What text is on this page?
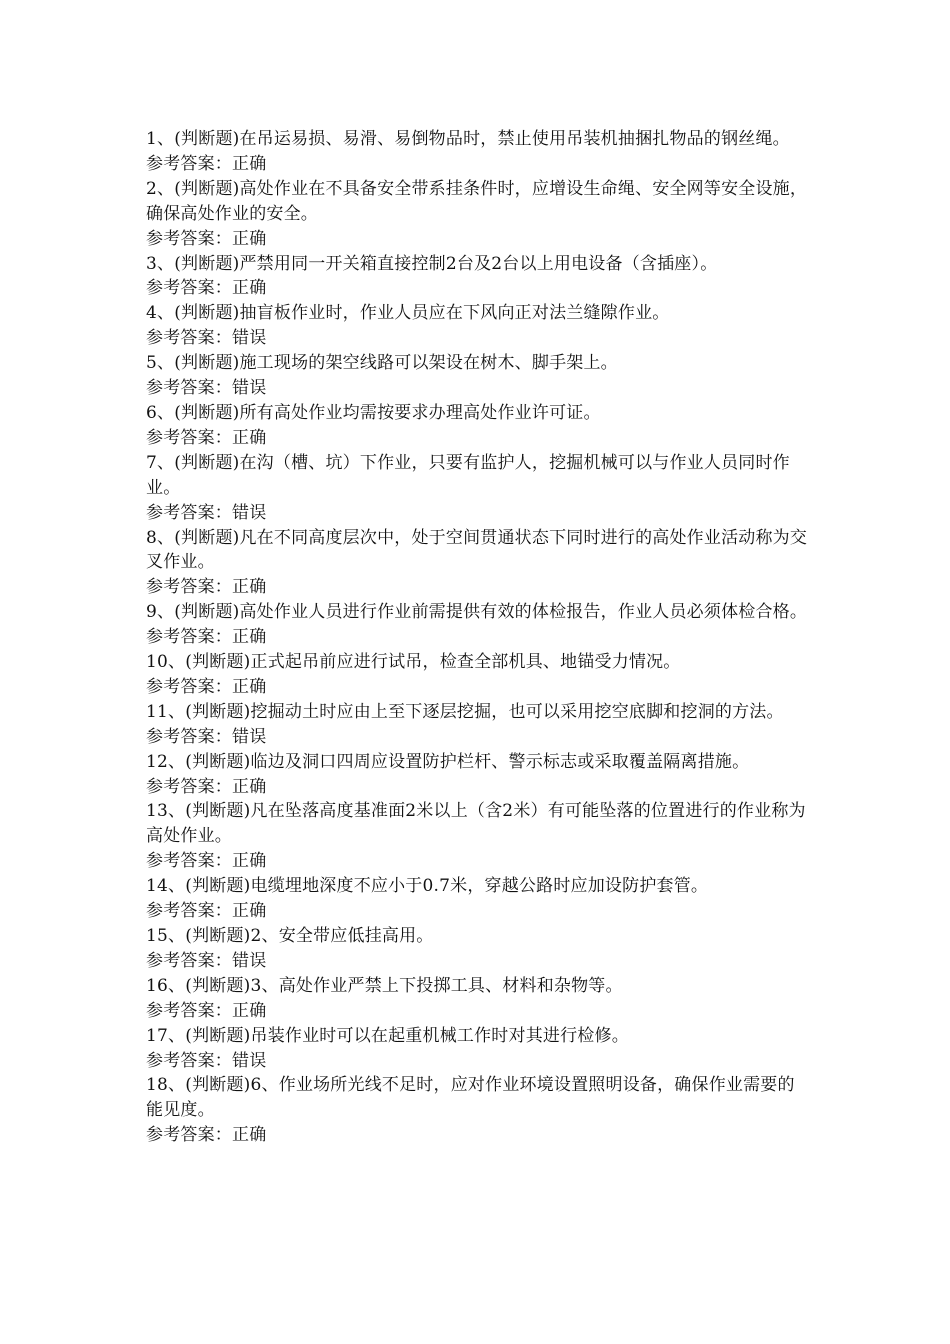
1、(判断题)在吊运易损、易滑、易倒物品时，禁止使用吊装机抽捆扎物品的钢丝绳。

参考答案：正确

2、(判断题)高处作业在不具备安全带系挂条件时，应增设生命绳、安全网等安全设施，确保高处作业的安全。

参考答案：正确

3、(判断题)严禁用同一开关箱直接控制2台及2台以上用电设备（含插座）。

参考答案：正确

4、(判断题)抽盲板作业时，作业人员应在下风向正对法兰缝隙作业。

参考答案：错误

5、(判断题)施工现场的架空线路可以架设在树木、脚手架上。

参考答案：错误

6、(判断题)所有高处作业均需按要求办理高处作业许可证。

参考答案：正确

7、(判断题)在沟（槽、坑）下作业，只要有监护人，挖掘机械可以与作业人员同时作业。

参考答案：错误

8、(判断题)凡在不同高度层次中，处于空间贯通状态下同时进行的高处作业活动称为交叉作业。

参考答案：正确

9、(判断题)高处作业人员进行作业前需提供有效的体检报告，作业人员必须体检合格。

参考答案：正确

10、(判断题)正式起吊前应进行试吊，检查全部机具、地锚受力情况。

参考答案：正确

11、(判断题)挖掘动土时应由上至下逐层挖掘，也可以采用挖空底脚和挖洞的方法。

参考答案：错误

12、(判断题)临边及洞口四周应设置防护栏杆、警示标志或采取覆盖隔离措施。

参考答案：正确

13、(判断题)凡在坠落高度基准面2米以上（含2米）有可能坠落的位置进行的作业称为高处作业。

参考答案：正确

14、(判断题)电缆埋地深度不应小于0.7米，穿越公路时应加设防护套管。

参考答案：正确

15、(判断题)2、安全带应低挂高用。

参考答案：错误

16、(判断题)3、高处作业严禁上下投掷工具、材料和杂物等。

参考答案：正确

17、(判断题)吊装作业时可以在起重机械工作时对其进行检修。

参考答案：错误

18、(判断题)6、作业场所光线不足时，应对作业环境设置照明设备，确保作业需要的能见度。

参考答案：正确
